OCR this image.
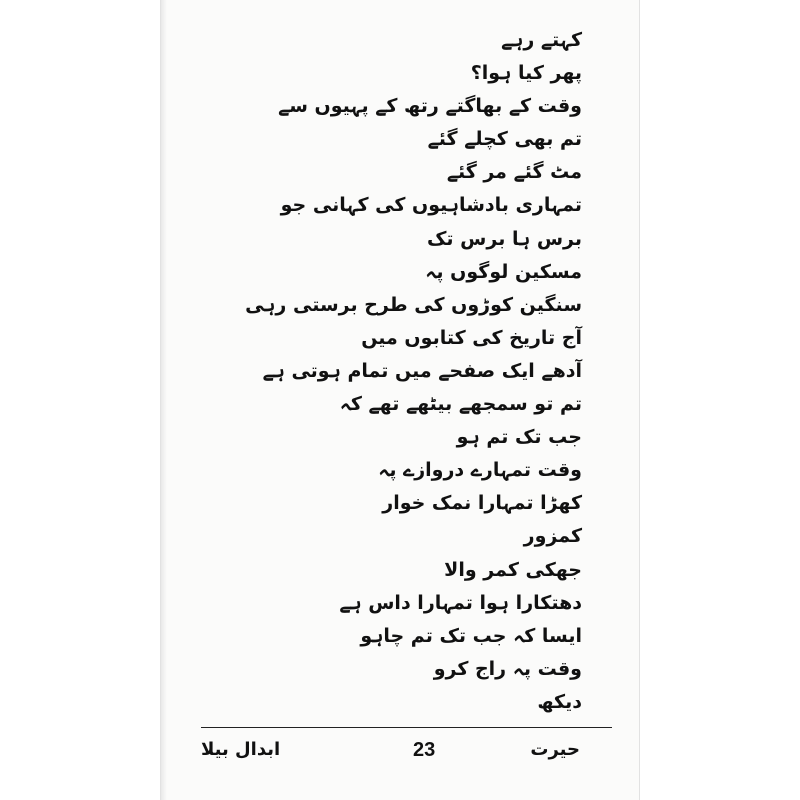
کہتے رہے
پھر کیا ہوا؟
وقت کے بھاگتے رتھ کے پہیوں سے
تم بھی کچلے گئے
مٹ گئے مر گئے
تمہاری بادشاہیوں کی کہانی جو
برس ہا برس تک
مسکین لوگوں پہ
سنگین کوڑوں کی طرح برستی رہی
آج تاریخ کی کتابوں میں
آدھے ایک صفحے میں تمام ہوتی ہے
تم تو سمجھے بیٹھے تھے کہ
جب تک تم ہو
وقت تمہارے دروازے پہ
کھڑا تمہارا نمک خوار
کمزور
جھکی کمر والا
دھتکارا ہوا تمہارا داس ہے
ایسا کہ جب تک تم چاہو
وقت پہ راج کرو
دیکھ
ابدال بیلا	23	حیرت
